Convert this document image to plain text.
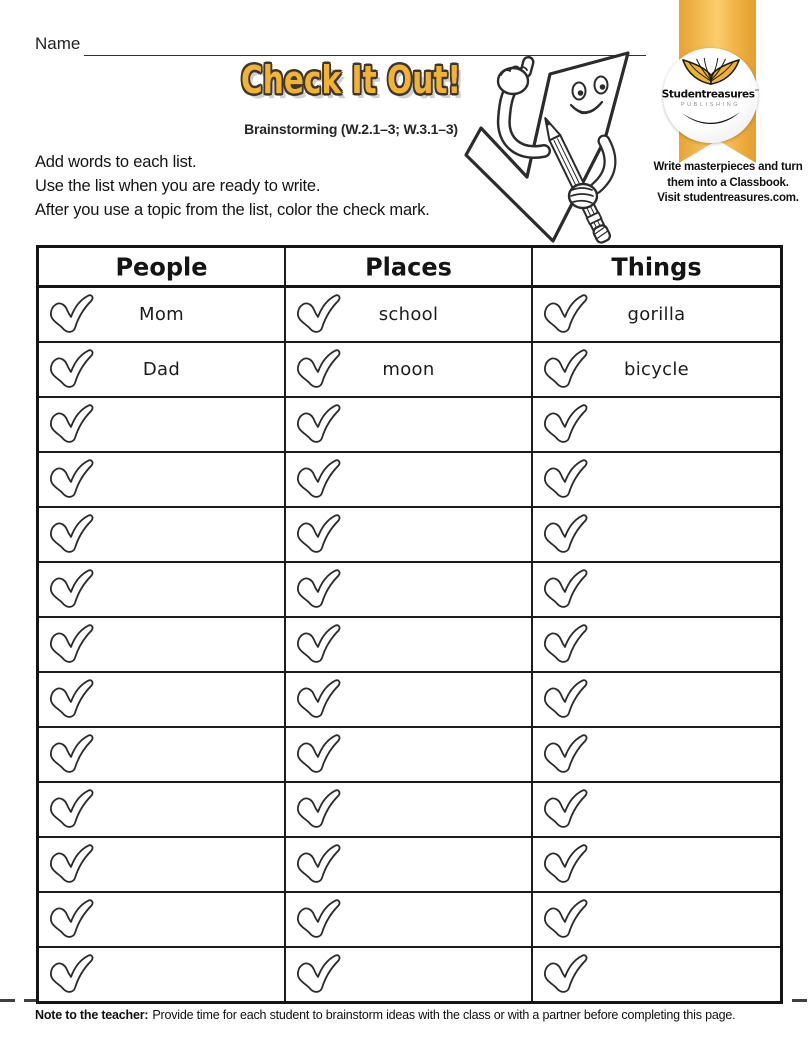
Name
Check It Out!
Brainstorming (W.2.1–3; W.3.1–3)
Add words to each list.
Use the list when you are ready to write.
After you use a topic from the list, color the check mark.
Studentreasures™
PUBLISHING
Write masterpieces and turn
them into a Classbook.
Visit studentreasures.com.
People	Places	Things
Mom	school	gorilla
Dad	moon	bicycle
Note to the teacher: Provide time for each student to brainstorm ideas with the class or with a partner before completing this page.
